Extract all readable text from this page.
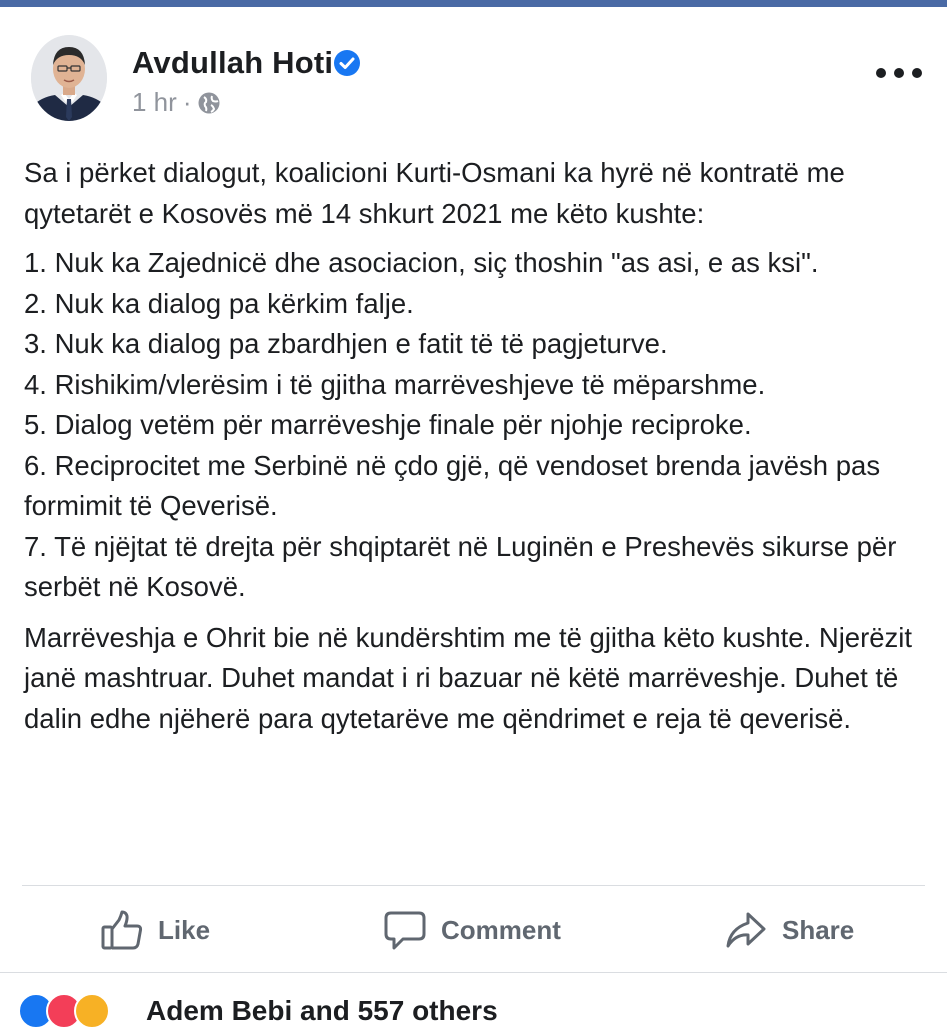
Avdullah Hoti
1 hr ·

Sa i përket dialogut, koalicioni Kurti-Osmani ka hyrë në kontratë me qytetarët e Kosovës më 14 shkurt 2021 me këto kushte:

1. Nuk ka Zajednicë dhe asociacion, siç thoshin "as asi, e as ksi".

2. Nuk ka dialog pa kërkim falje.

3. Nuk ka dialog pa zbardhjen e fatit të të pagjeturve.

4. Rishikim/vlerësim i të gjitha marrëveshjeve të mëparshme.

5. Dialog vetëm për marrëveshje finale për njohje reciproke.

6. Reciprocitet me Serbinë në çdo gjë, që vendoset brenda javësh pas formimit të Qeverisë.

7. Të njëjtat të drejta për shqiptarët në Luginën e Preshevës sikurse për serbët në Kosovë.

Marrëveshja e Ohrit bie në kundërshtim me të gjitha këto kushte. Njerëzit janë mashtruar. Duhet mandat i ri bazuar në këtë marrëveshje. Duhet të dalin edhe njëherë para qytetarëve me qëndrimet e reja të qeverisë.

Like	Comment	Share
Adem Bebi and 557 others
